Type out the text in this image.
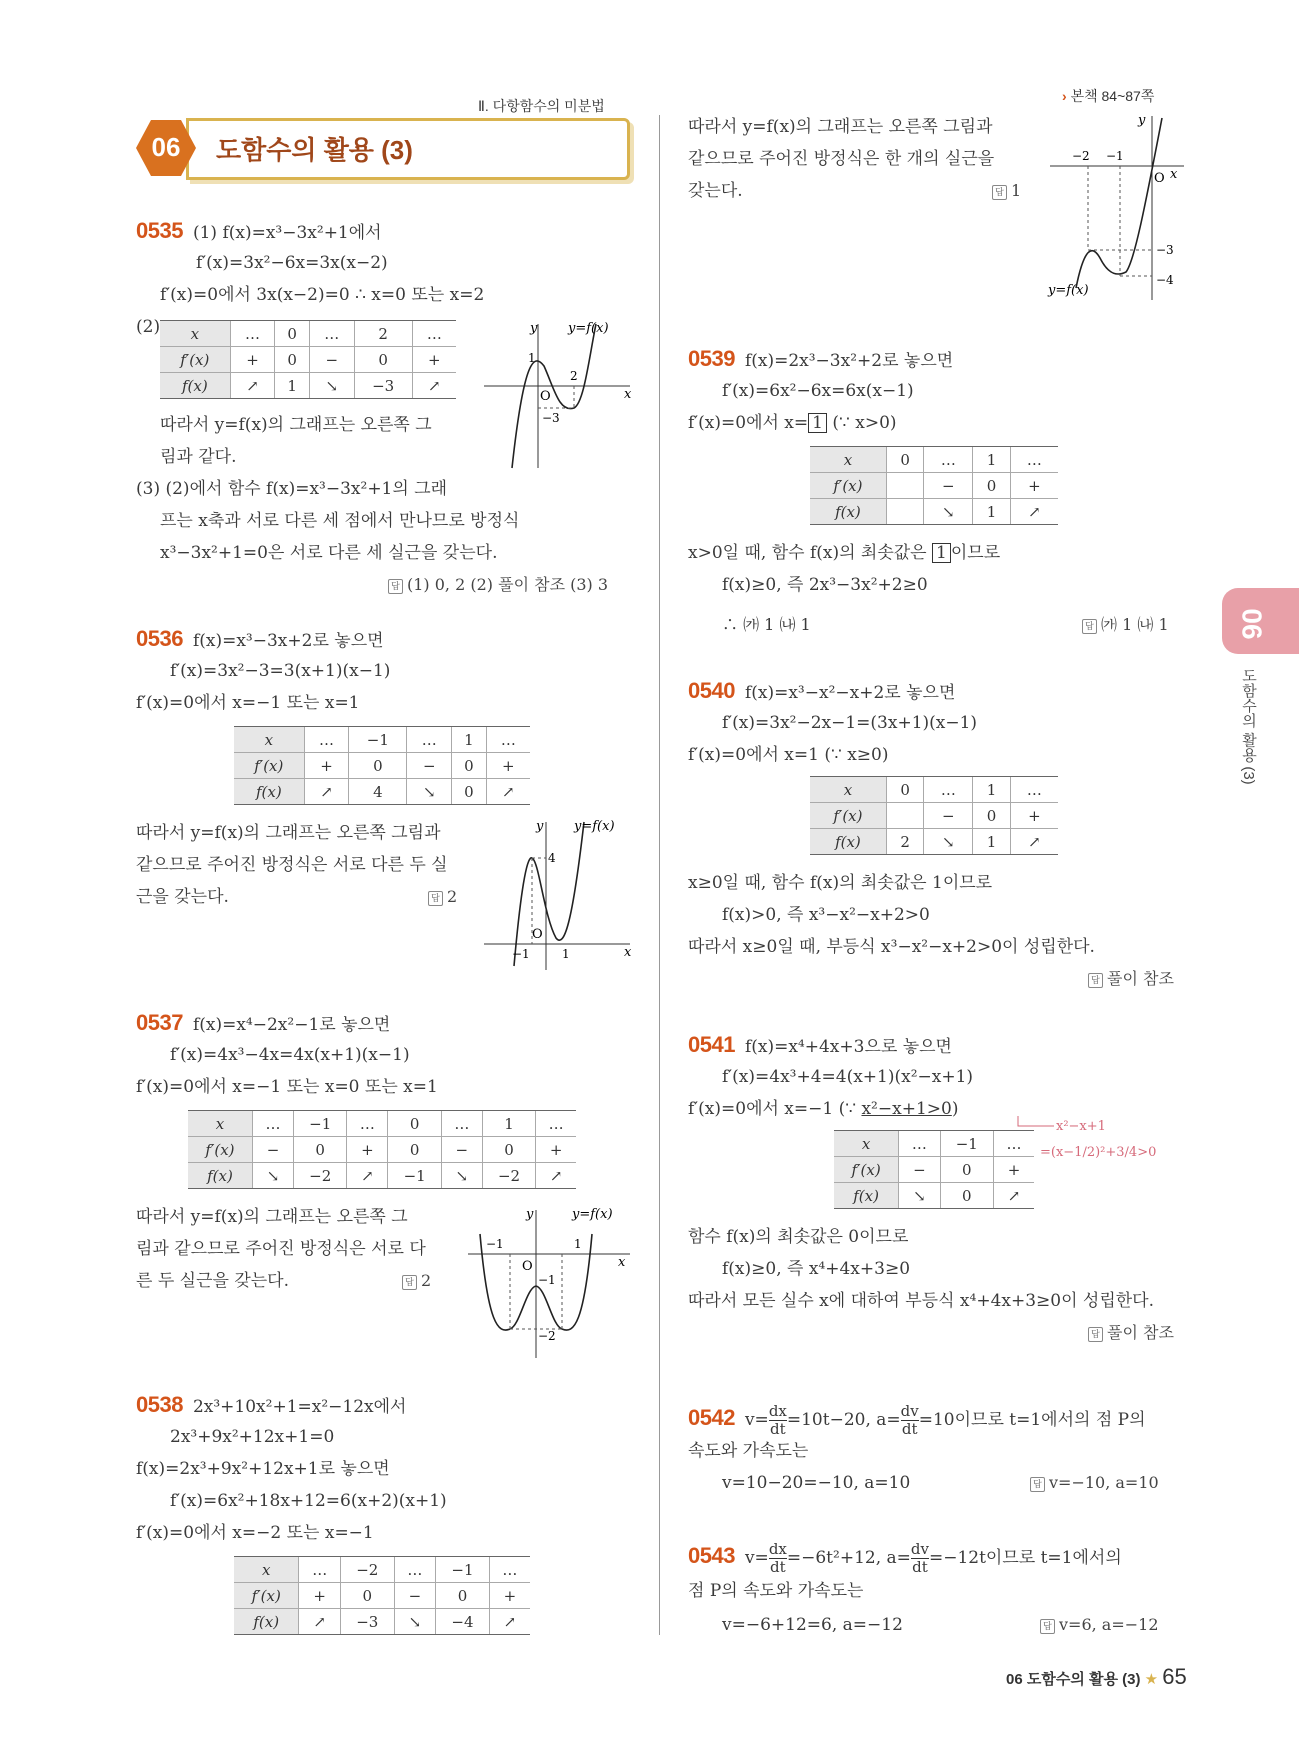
Ⅱ. 다항함수의 미분법
› 본책 84~87쪽
06	도함수의 활용 (3)
06
도함수의 활용 (3)
0535 (1) f(x)=x³−3x²+1에서
f′(x)=3x²−6x=3x(x−2)
f′(x)=0에서 3x(x−2)=0 ∴ x=0 또는 x=2
(2) x	…	0	…	2	…
f′(x)	+	0	−	0	+
f(x)	↗	1	↘	−3	↗
따라서 y=f(x)의 그래프는 오른쪽 그
림과 같다.
(3) (2)에서 함수 f(x)=x³−3x²+1의 그래
프는 x축과 서로 다른 세 점에서 만나므로 방정식
x³−3x²+1=0은 서로 다른 세 실근을 갖는다.
답 (1) 0, 2 (2) 풀이 참조 (3) 3
y
x
y=f(x)
O
1
2
−3
0536 f(x)=x³−3x+2로 놓으면
f′(x)=3x²−3=3(x+1)(x−1)
f′(x)=0에서 x=−1 또는 x=1
x	…	−1	…	1	…
f′(x)	+	0	−	0	+
f(x)	↗	4	↘	0	↗
따라서 y=f(x)의 그래프는 오른쪽 그림과
같으므로 주어진 방정식은 서로 다른 두 실
근을 갖는다.	답 2
y
x
y=f(x)
O
4
−1	1
0537 f(x)=x⁴−2x²−1로 놓으면
f′(x)=4x³−4x=4x(x+1)(x−1)
f′(x)=0에서 x=−1 또는 x=0 또는 x=1
x	…	−1	…	0	…	1	…
f′(x)	−	0	+	0	−	0	+
f(x)	↘	−2	↗	−1	↘	−2	↗
따라서 y=f(x)의 그래프는 오른쪽 그
림과 같으므로 주어진 방정식은 서로 다
른 두 실근을 갖는다.	답 2
y
x
y=f(x)
O
−1	1
−1
−2
0538 2x³+10x²+1=x²−12x에서
2x³+9x²+12x+1=0
f(x)=2x³+9x²+12x+1로 놓으면
f′(x)=6x²+18x+12=6(x+2)(x+1)
f′(x)=0에서 x=−2 또는 x=−1
x	…	−2	…	−1	…
f′(x)	+	0	−	0	+
f(x)	↗	−3	↘	−4	↗
따라서 y=f(x)의 그래프는 오른쪽 그림과
같으므로 주어진 방정식은 한 개의 실근을
갖는다.	답 1
y
x
y=f(x)
O
−2 −1
−3
−4
0539 f(x)=2x³−3x²+2로 놓으면
f′(x)=6x²−6x=6x(x−1)
f′(x)=0에서 x= 1 (∵ x>0)
x	0	…	1	…
f′(x)		−	0	+
f(x)		↘	1	↗
x>0일 때, 함수 f(x)의 최솟값은 1 이므로
f(x)≥0, 즉 2x³−3x²+2≥0
∴ ㈎ 1 ㈏ 1	답 ㈎ 1 ㈏ 1
0540 f(x)=x³−x²−x+2로 놓으면
f′(x)=3x²−2x−1=(3x+1)(x−1)
f′(x)=0에서 x=1 (∵ x≥0)
x	0	…	1	…
f′(x)		−	0	+
f(x)	2	↘	1	↗
x≥0일 때, 함수 f(x)의 최솟값은 1이므로
f(x)>0, 즉 x³−x²−x+2>0
따라서 x≥0일 때, 부등식 x³−x²−x+2>0이 성립한다.
답 풀이 참조
0541 f(x)=x⁴+4x+3으로 놓으면
f′(x)=4x³+4=4(x+1)(x²−x+1)
f′(x)=0에서 x=−1 (∵ x²−x+1>0)
x²−x+1
=(x−1/2)²+3/4>0
x	…	−1	…
f′(x)	−	0	+
f(x)	↘	0	↗
함수 f(x)의 최솟값은 0이므로
f(x)≥0, 즉 x⁴+4x+3≥0
따라서 모든 실수 x에 대하여 부등식 x⁴+4x+3≥0이 성립한다.
답 풀이 참조
0542 $v= \frac{dx}{dt} =10t-20$, $a= \frac{dv}{dt} =10$이므로 t=1에서의 점 P의
속도와 가속도는
v=10−20=−10, a=10	답 v=−10, a=10
0543 $v= \frac{dx}{dt} =-6t^2+12$, $a= \frac{dv}{dt} =-12t$이므로 t=1에서의
점 P의 속도와 가속도는
v=−6+12=6, a=−12	답 v=6, a=−12
06 도함수의 활용 (3) ★ 65
